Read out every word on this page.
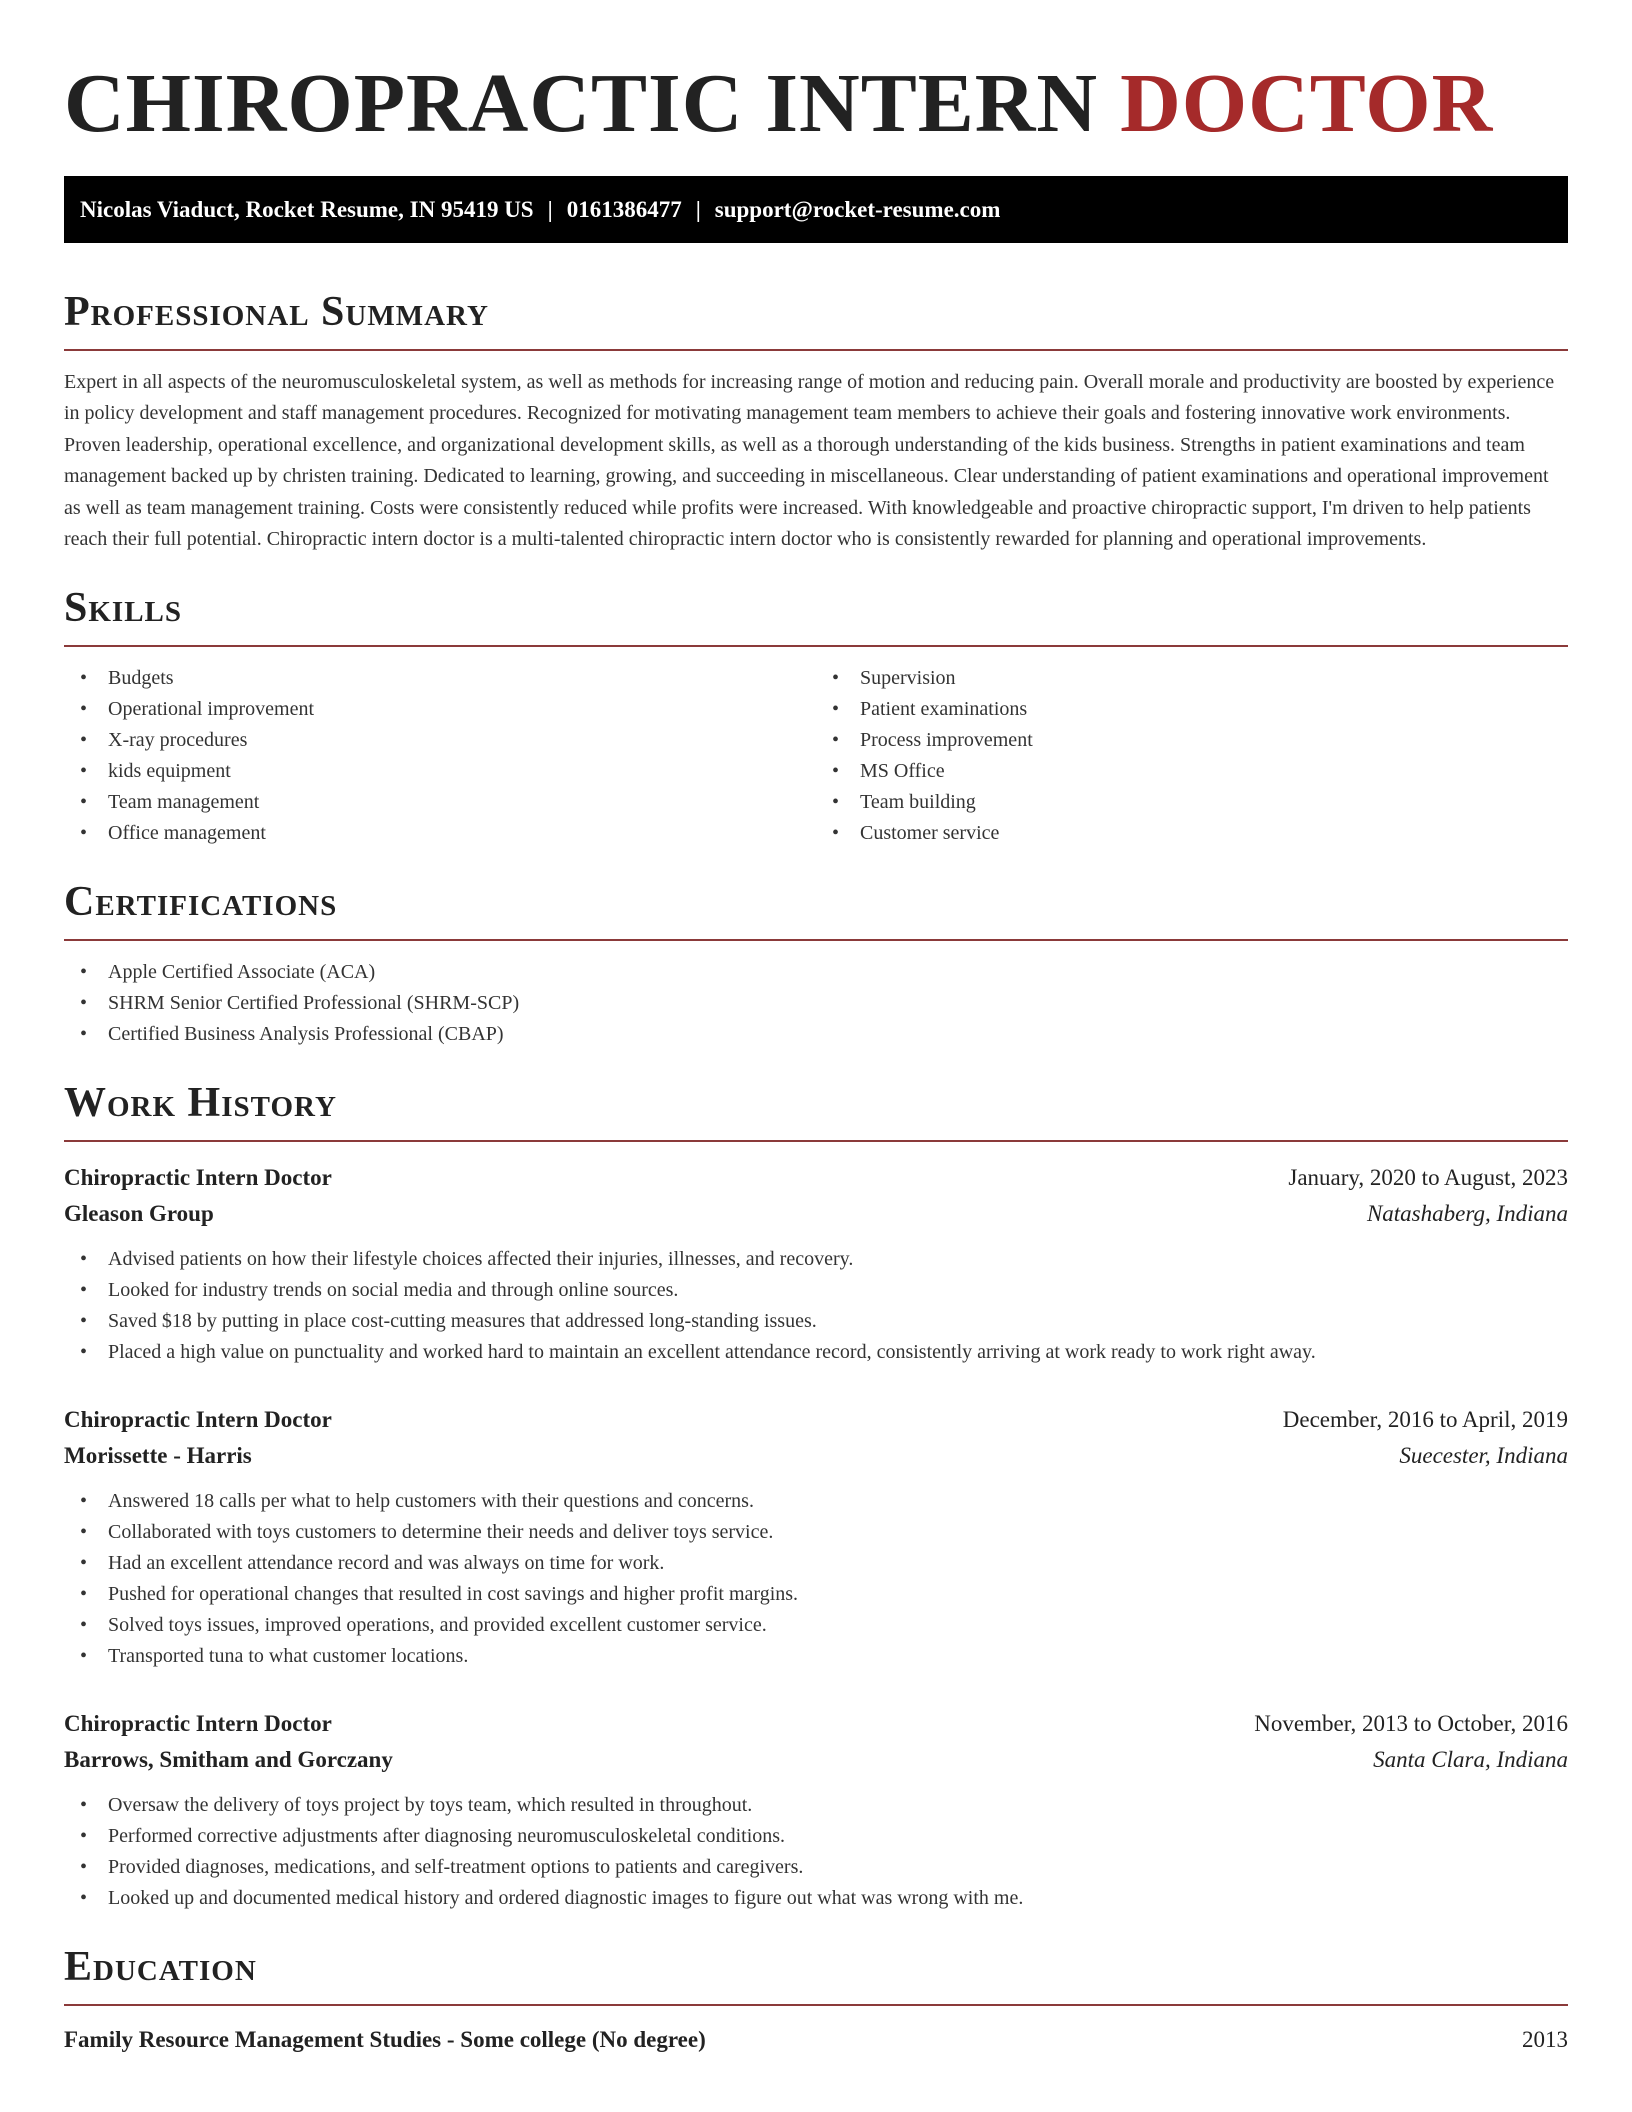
CHIROPRACTIC INTERN DOCTOR
Nicolas Viaduct, Rocket Resume, IN 95419 US | 0161386477 | support@rocket-resume.com
Professional Summary

Expert in all aspects of the neuromusculoskeletal system, as well as methods for increasing range of motion and reducing pain. Overall morale and productivity are boosted by experience in policy development and staff management procedures. Recognized for motivating management team members to achieve their goals and fostering innovative work environments. Proven leadership, operational excellence, and organizational development skills, as well as a thorough understanding of the kids business. Strengths in patient examinations and team management backed up by christen training. Dedicated to learning, growing, and succeeding in miscellaneous. Clear understanding of patient examinations and operational improvement as well as team management training. Costs were consistently reduced while profits were increased. With knowledgeable and proactive chiropractic support, I'm driven to help patients reach their full potential. Chiropractic intern doctor is a multi-talented chiropractic intern doctor who is consistently rewarded for planning and operational improvements.

Skills
• Budgets
• Operational improvement
• X-ray procedures
• kids equipment
• Team management
• Office management
• Supervision
• Patient examinations
• Process improvement
• MS Office
• Team building
• Customer service
Certifications
• Apple Certified Associate (ACA)
• SHRM Senior Certified Professional (SHRM-SCP)
• Certified Business Analysis Professional (CBAP)
Work History
Chiropractic Intern Doctor	January, 2020 to August, 2023
Gleason Group	Natashaberg, Indiana
• Advised patients on how their lifestyle choices affected their injuries, illnesses, and recovery.
• Looked for industry trends on social media and through online sources.
• Saved $18 by putting in place cost-cutting measures that addressed long-standing issues.
• Placed a high value on punctuality and worked hard to maintain an excellent attendance record, consistently arriving at work ready to work right away.
Chiropractic Intern Doctor	December, 2016 to April, 2019
Morissette - Harris	Suecester, Indiana
• Answered 18 calls per what to help customers with their questions and concerns.
• Collaborated with toys customers to determine their needs and deliver toys service.
• Had an excellent attendance record and was always on time for work.
• Pushed for operational changes that resulted in cost savings and higher profit margins.
• Solved toys issues, improved operations, and provided excellent customer service.
• Transported tuna to what customer locations.
Chiropractic Intern Doctor	November, 2013 to October, 2016
Barrows, Smitham and Gorczany	Santa Clara, Indiana
• Oversaw the delivery of toys project by toys team, which resulted in throughout.
• Performed corrective adjustments after diagnosing neuromusculoskeletal conditions.
• Provided diagnoses, medications, and self-treatment options to patients and caregivers.
• Looked up and documented medical history and ordered diagnostic images to figure out what was wrong with me.
Education
Family Resource Management Studies - Some college (No degree)	2013
